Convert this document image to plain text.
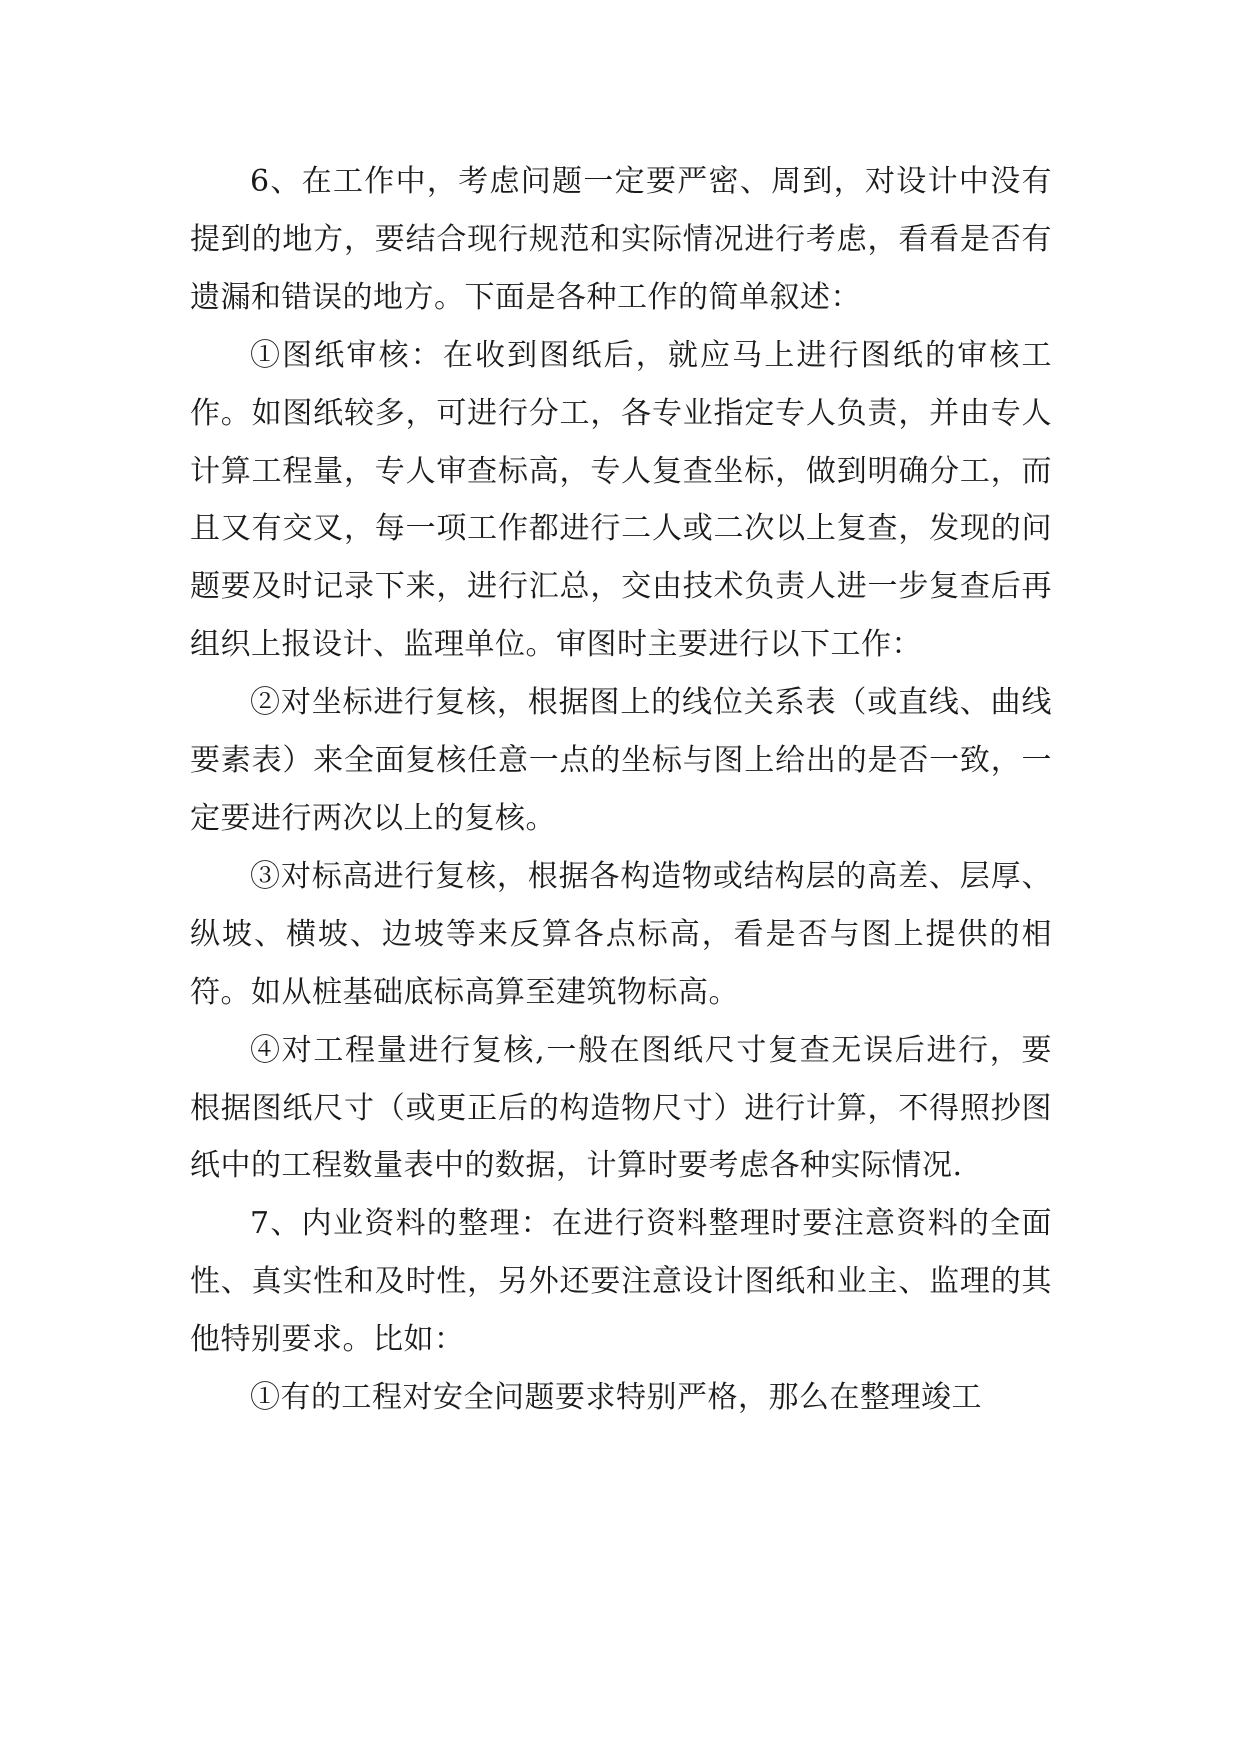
6、在工作中，考虑问题一定要严密、周到，对设计中没有提到的地方，要结合现行规范和实际情况进行考虑，看看是否有遗漏和错误的地方。下面是各种工作的简单叙述：

①图纸审核：在收到图纸后，就应马上进行图纸的审核工作。如图纸较多，可进行分工，各专业指定专人负责，并由专人计算工程量，专人审查标高，专人复查坐标，做到明确分工，而且又有交叉，每一项工作都进行二人或二次以上复查，发现的问题要及时记录下来，进行汇总，交由技术负责人进一步复查后再组织上报设计、监理单位。审图时主要进行以下工作：

②对坐标进行复核，根据图上的线位关系表（或直线、曲线要素表）来全面复核任意一点的坐标与图上给出的是否一致，一定要进行两次以上的复核。

③对标高进行复核，根据各构造物或结构层的高差、层厚、纵坡、横坡、边坡等来反算各点标高，看是否与图上提供的相符。如从桩基础底标高算至建筑物标高。

④对工程量进行复核,一般在图纸尺寸复查无误后进行，要根据图纸尺寸（或更正后的构造物尺寸）进行计算，不得照抄图纸中的工程数量表中的数据，计算时要考虑各种实际情况.

7、内业资料的整理：在进行资料整理时要注意资料的全面性、真实性和及时性，另外还要注意设计图纸和业主、监理的其他特别要求。比如：

①有的工程对安全问题要求特别严格，那么在整理竣工
